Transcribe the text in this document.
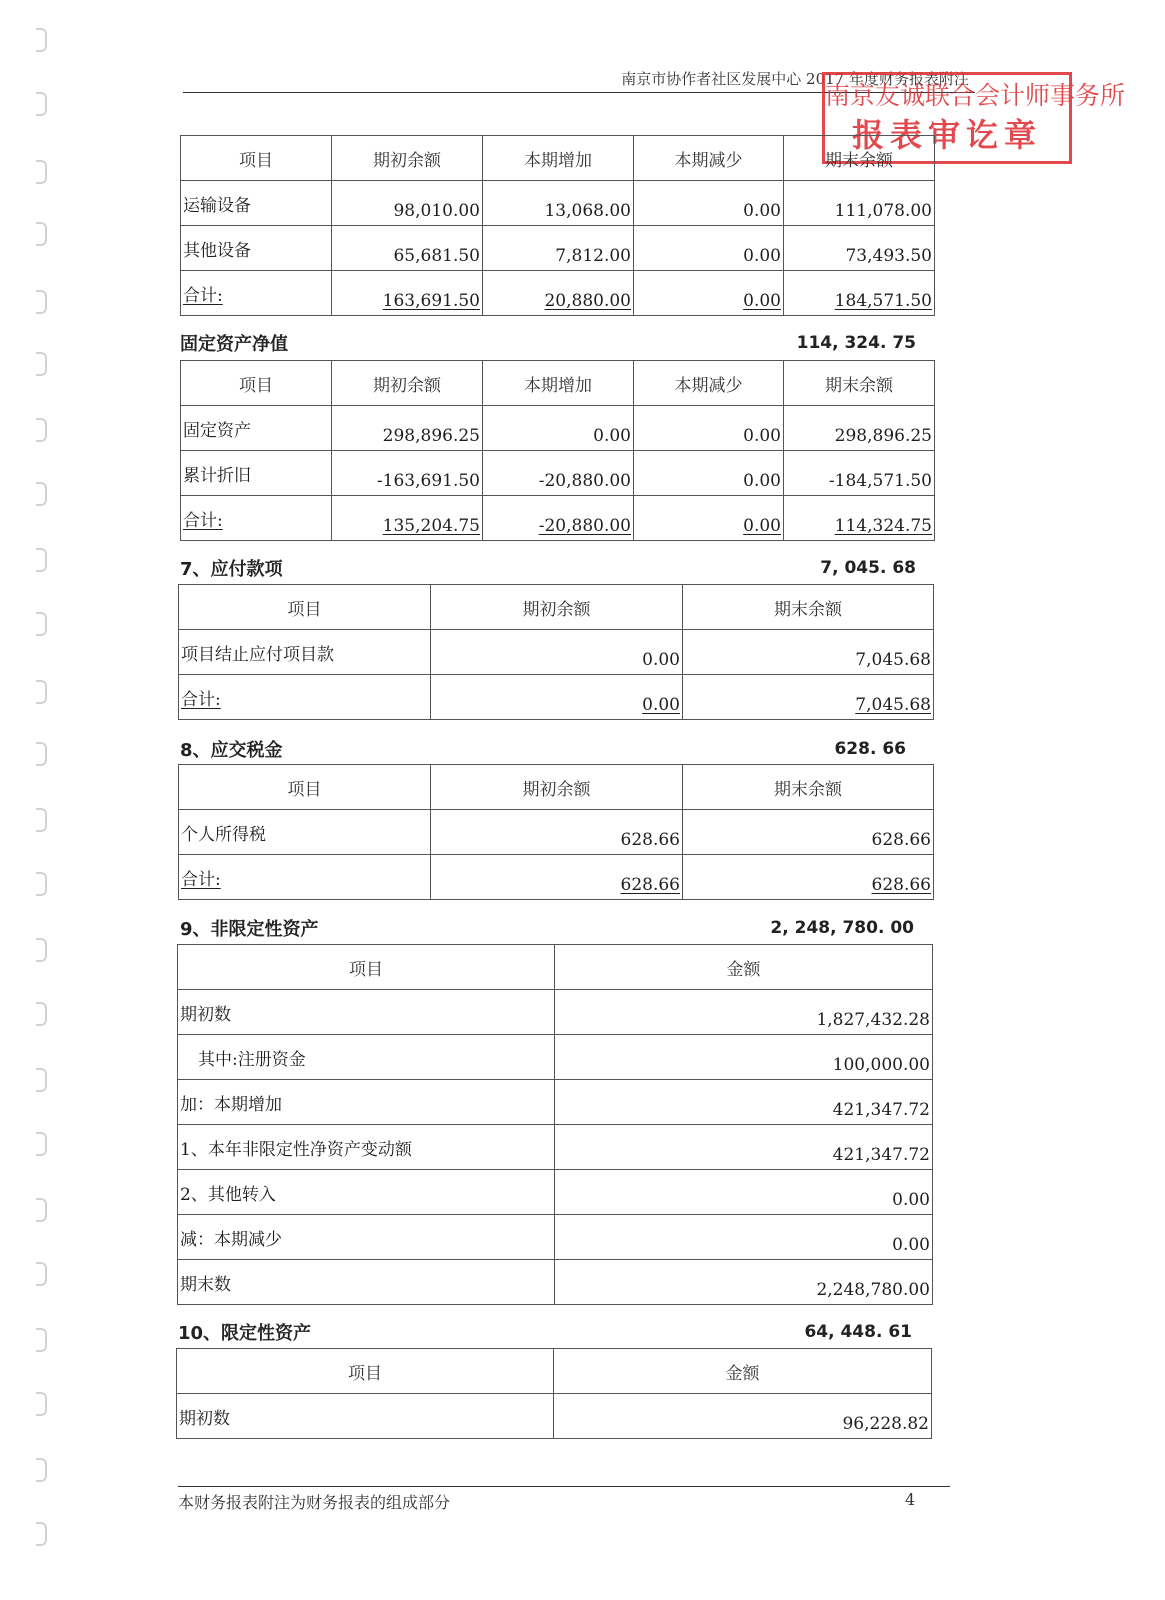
南京市协作者社区发展中心 2017 年度财务报表附注
南京友诚联合会计师事务所
报表审讫章
项目	期初余额	本期增加	本期减少	期末余额
运输设备	98,010.00	13,068.00	0.00	111,078.00
其他设备	65,681.50	7,812.00	0.00	73,493.50
合计:	163,691.50	20,880.00	0.00	184,571.50
固定资产净值	114, 324. 75
项目	期初余额	本期增加	本期减少	期末余额
固定资产	298,896.25	0.00	0.00	298,896.25
累计折旧	-163,691.50	-20,880.00	0.00	-184,571.50
合计:	135,204.75	-20,880.00	0.00	114,324.75
7、应付款项	7, 045. 68
项目	期初余额	期末余额
项目结止应付项目款	0.00	7,045.68
合计:	0.00	7,045.68
8、应交税金	628. 66
项目	期初余额	期末余额
个人所得税	628.66	628.66
合计:	628.66	628.66
9、非限定性资产	2, 248, 780. 00
项目	金额
期初数	1,827,432.28
其中:注册资金	100,000.00
加：本期增加	421,347.72
1、本年非限定性净资产变动额	421,347.72
2、其他转入	0.00
减：本期减少	0.00
期末数	2,248,780.00
10、限定性资产	64, 448. 61
项目	金额
期初数	96,228.82
本财务报表附注为财务报表的组成部分	4
